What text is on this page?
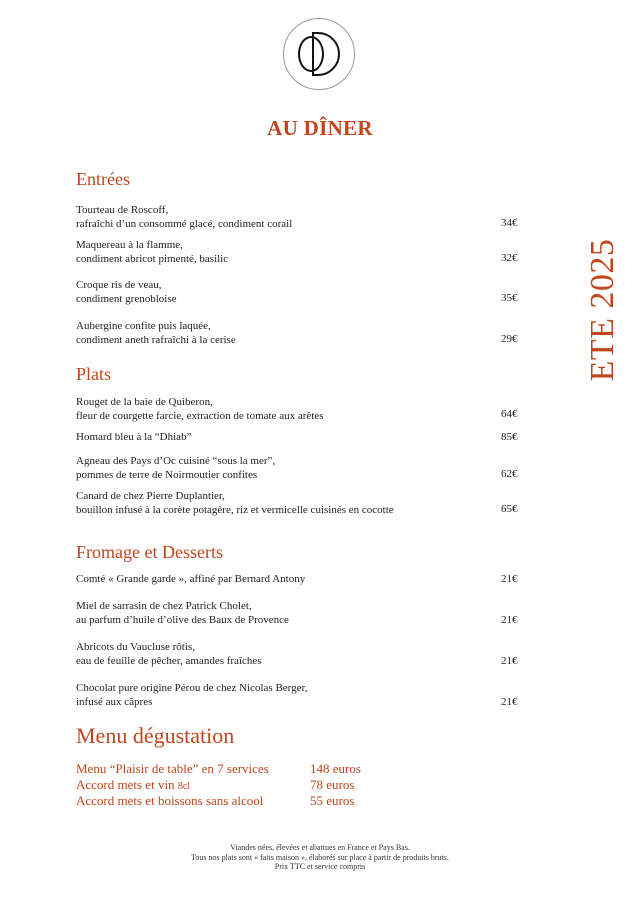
AU DÎNER
ETE 2025
Entrées
Tourteau de Roscoff,
rafraîchi d’un consommé glacé, condiment corail	34€
Maquereau à la flamme,
condiment abricot pimenté, basilic	32€
Croque ris de veau,
condiment grenobloise	35€
Aubergine confite puis laquée,
condiment aneth rafraîchi à la cerise	29€
Plats
Rouget de la baie de Quiberon,
fleur de courgette farcie, extraction de tomate aux arêtes	64€
Homard bleu à la “Dhiab”	85€
Agneau des Pays d’Oc cuisiné “sous la mer”,
pommes de terre de Noirmoutier confites	62€
Canard de chez Pierre Duplantier,
bouillon infusé à la corète potagère, riz et vermicelle cuisinés en cocotte	65€
Fromage et Desserts
Comté « Grande garde », affiné par Bernard Antony	21€
Miel de sarrasin de chez Patrick Cholet,
au parfum d’huile d’olive des Baux de Provence	21€
Abricots du Vaucluse rôtis,
eau de feuille de pêcher, amandes fraîches	21€
Chocolat pure origine Pérou de chez Nicolas Berger,
infusé aux câpres	21€
Menu dégustation
Menu “Plaisir de table” en 7 services	148 euros
Accord mets et vin 8cl	78 euros
Accord mets et boissons sans alcool	55 euros
Viandes nées, élevées et abattues en France et Pays Bas.
Tous nos plats sont « faits maison », élaborés sur place à partir de produits bruts.
Prix TTC et service compris
